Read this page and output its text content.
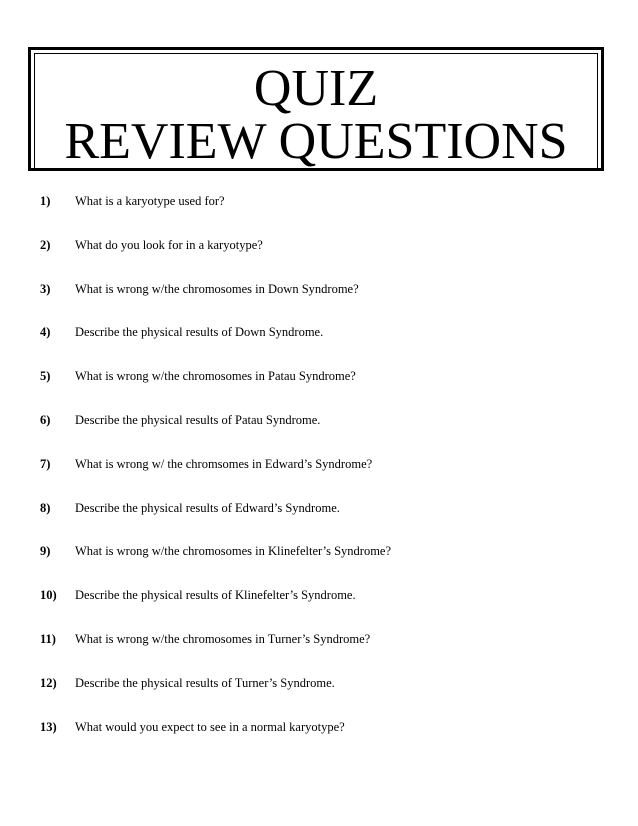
QUIZ
REVIEW QUESTIONS
1) What is a karyotype used for?
2) What do you look for in a karyotype?
3) What is wrong w/the chromosomes in Down Syndrome?
4) Describe the physical results of Down Syndrome.
5) What is wrong w/the chromosomes in Patau Syndrome?
6) Describe the physical results of Patau Syndrome.
7) What is wrong w/ the chromsomes in Edward’s Syndrome?
8) Describe the physical results of Edward’s Syndrome.
9) What is wrong w/the chromosomes in Klinefelter’s Syndrome?
10) Describe the physical results of Klinefelter’s Syndrome.
11) What is wrong w/the chromosomes in Turner’s Syndrome?
12) Describe the physical results of Turner’s Syndrome.
13) What would you expect to see in a normal karyotype?
